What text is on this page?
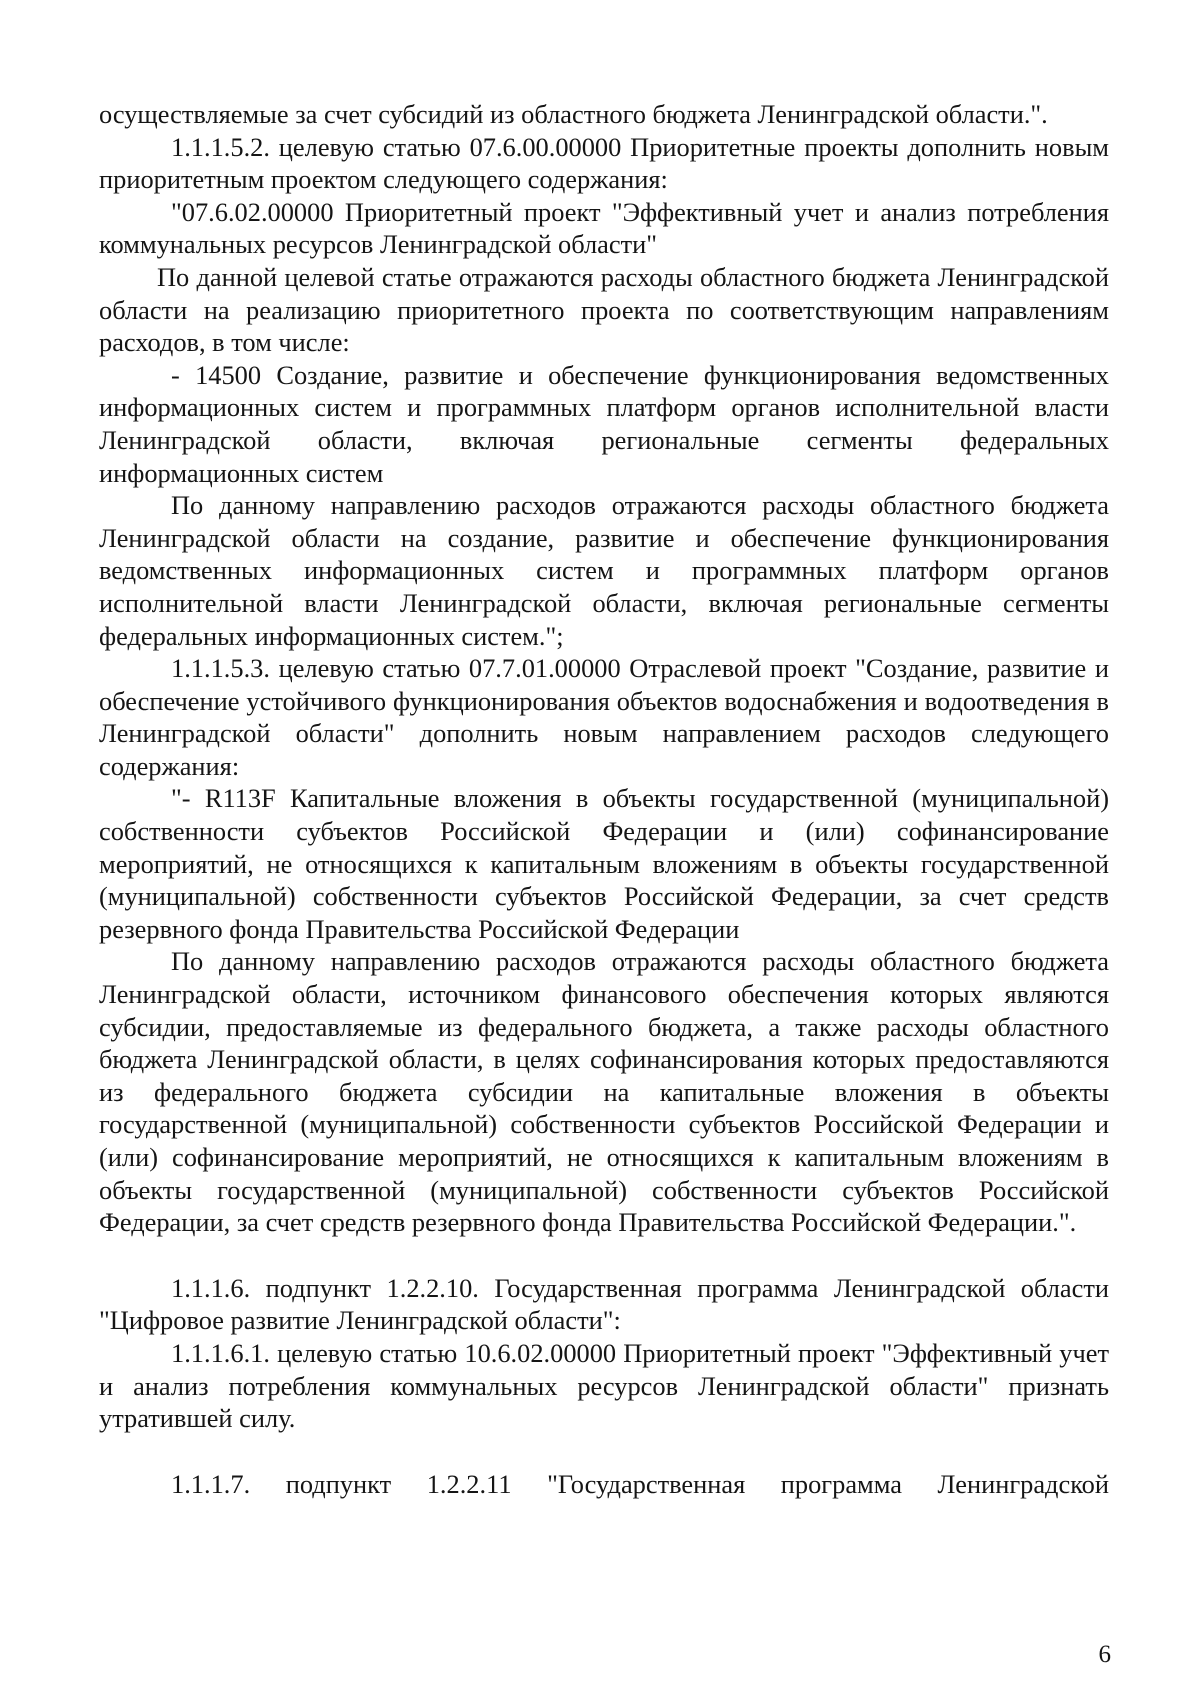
осуществляемые за счет субсидий из областного бюджета Ленинградской области.".

1.1.1.5.2. целевую статью 07.6.00.00000 Приоритетные проекты дополнить новым приоритетным проектом следующего содержания:

"07.6.02.00000 Приоритетный проект "Эффективный учет и анализ потребления коммунальных ресурсов Ленинградской области"

По данной целевой статье отражаются расходы областного бюджета Ленинградской области на реализацию приоритетного проекта по соответствующим направлениям расходов, в том числе:

- 14500 Создание, развитие и обеспечение функционирования ведомственных информационных систем и программных платформ органов исполнительной власти Ленинградской области, включая региональные сегменты федеральных информационных систем

По данному направлению расходов отражаются расходы областного бюджета Ленинградской области на создание, развитие и обеспечение функционирования ведомственных информационных систем и программных платформ органов исполнительной власти Ленинградской области, включая региональные сегменты федеральных информационных систем.";

1.1.1.5.3. целевую статью 07.7.01.00000 Отраслевой проект "Создание, развитие и обеспечение устойчивого функционирования объектов водоснабжения и водоотведения в Ленинградской области" дополнить новым направлением расходов следующего содержания:

"- R113F Капитальные вложения в объекты государственной (муниципальной) собственности субъектов Российской Федерации и (или) софинансирование мероприятий, не относящихся к капитальным вложениям в объекты государственной (муниципальной) собственности субъектов Российской Федерации, за счет средств резервного фонда Правительства Российской Федерации

По данному направлению расходов отражаются расходы областного бюджета Ленинградской области, источником финансового обеспечения которых являются субсидии, предоставляемые из федерального бюджета, а также расходы областного бюджета Ленинградской области, в целях софинансирования которых предоставляются из федерального бюджета субсидии на капитальные вложения в объекты государственной (муниципальной) собственности субъектов Российской Федерации и (или) софинансирование мероприятий, не относящихся к капитальным вложениям в объекты государственной (муниципальной) собственности субъектов Российской Федерации, за счет средств резервного фонда Правительства Российской Федерации.".

1.1.1.6. подпункт 1.2.2.10. Государственная программа Ленинградской области "Цифровое развитие Ленинградской области":

1.1.1.6.1. целевую статью 10.6.02.00000 Приоритетный проект "Эффективный учет и анализ потребления коммунальных ресурсов Ленинградской области" признать утратившей силу.

1.1.1.7. подпункт 1.2.2.11 "Государственная программа Ленинградской

6
